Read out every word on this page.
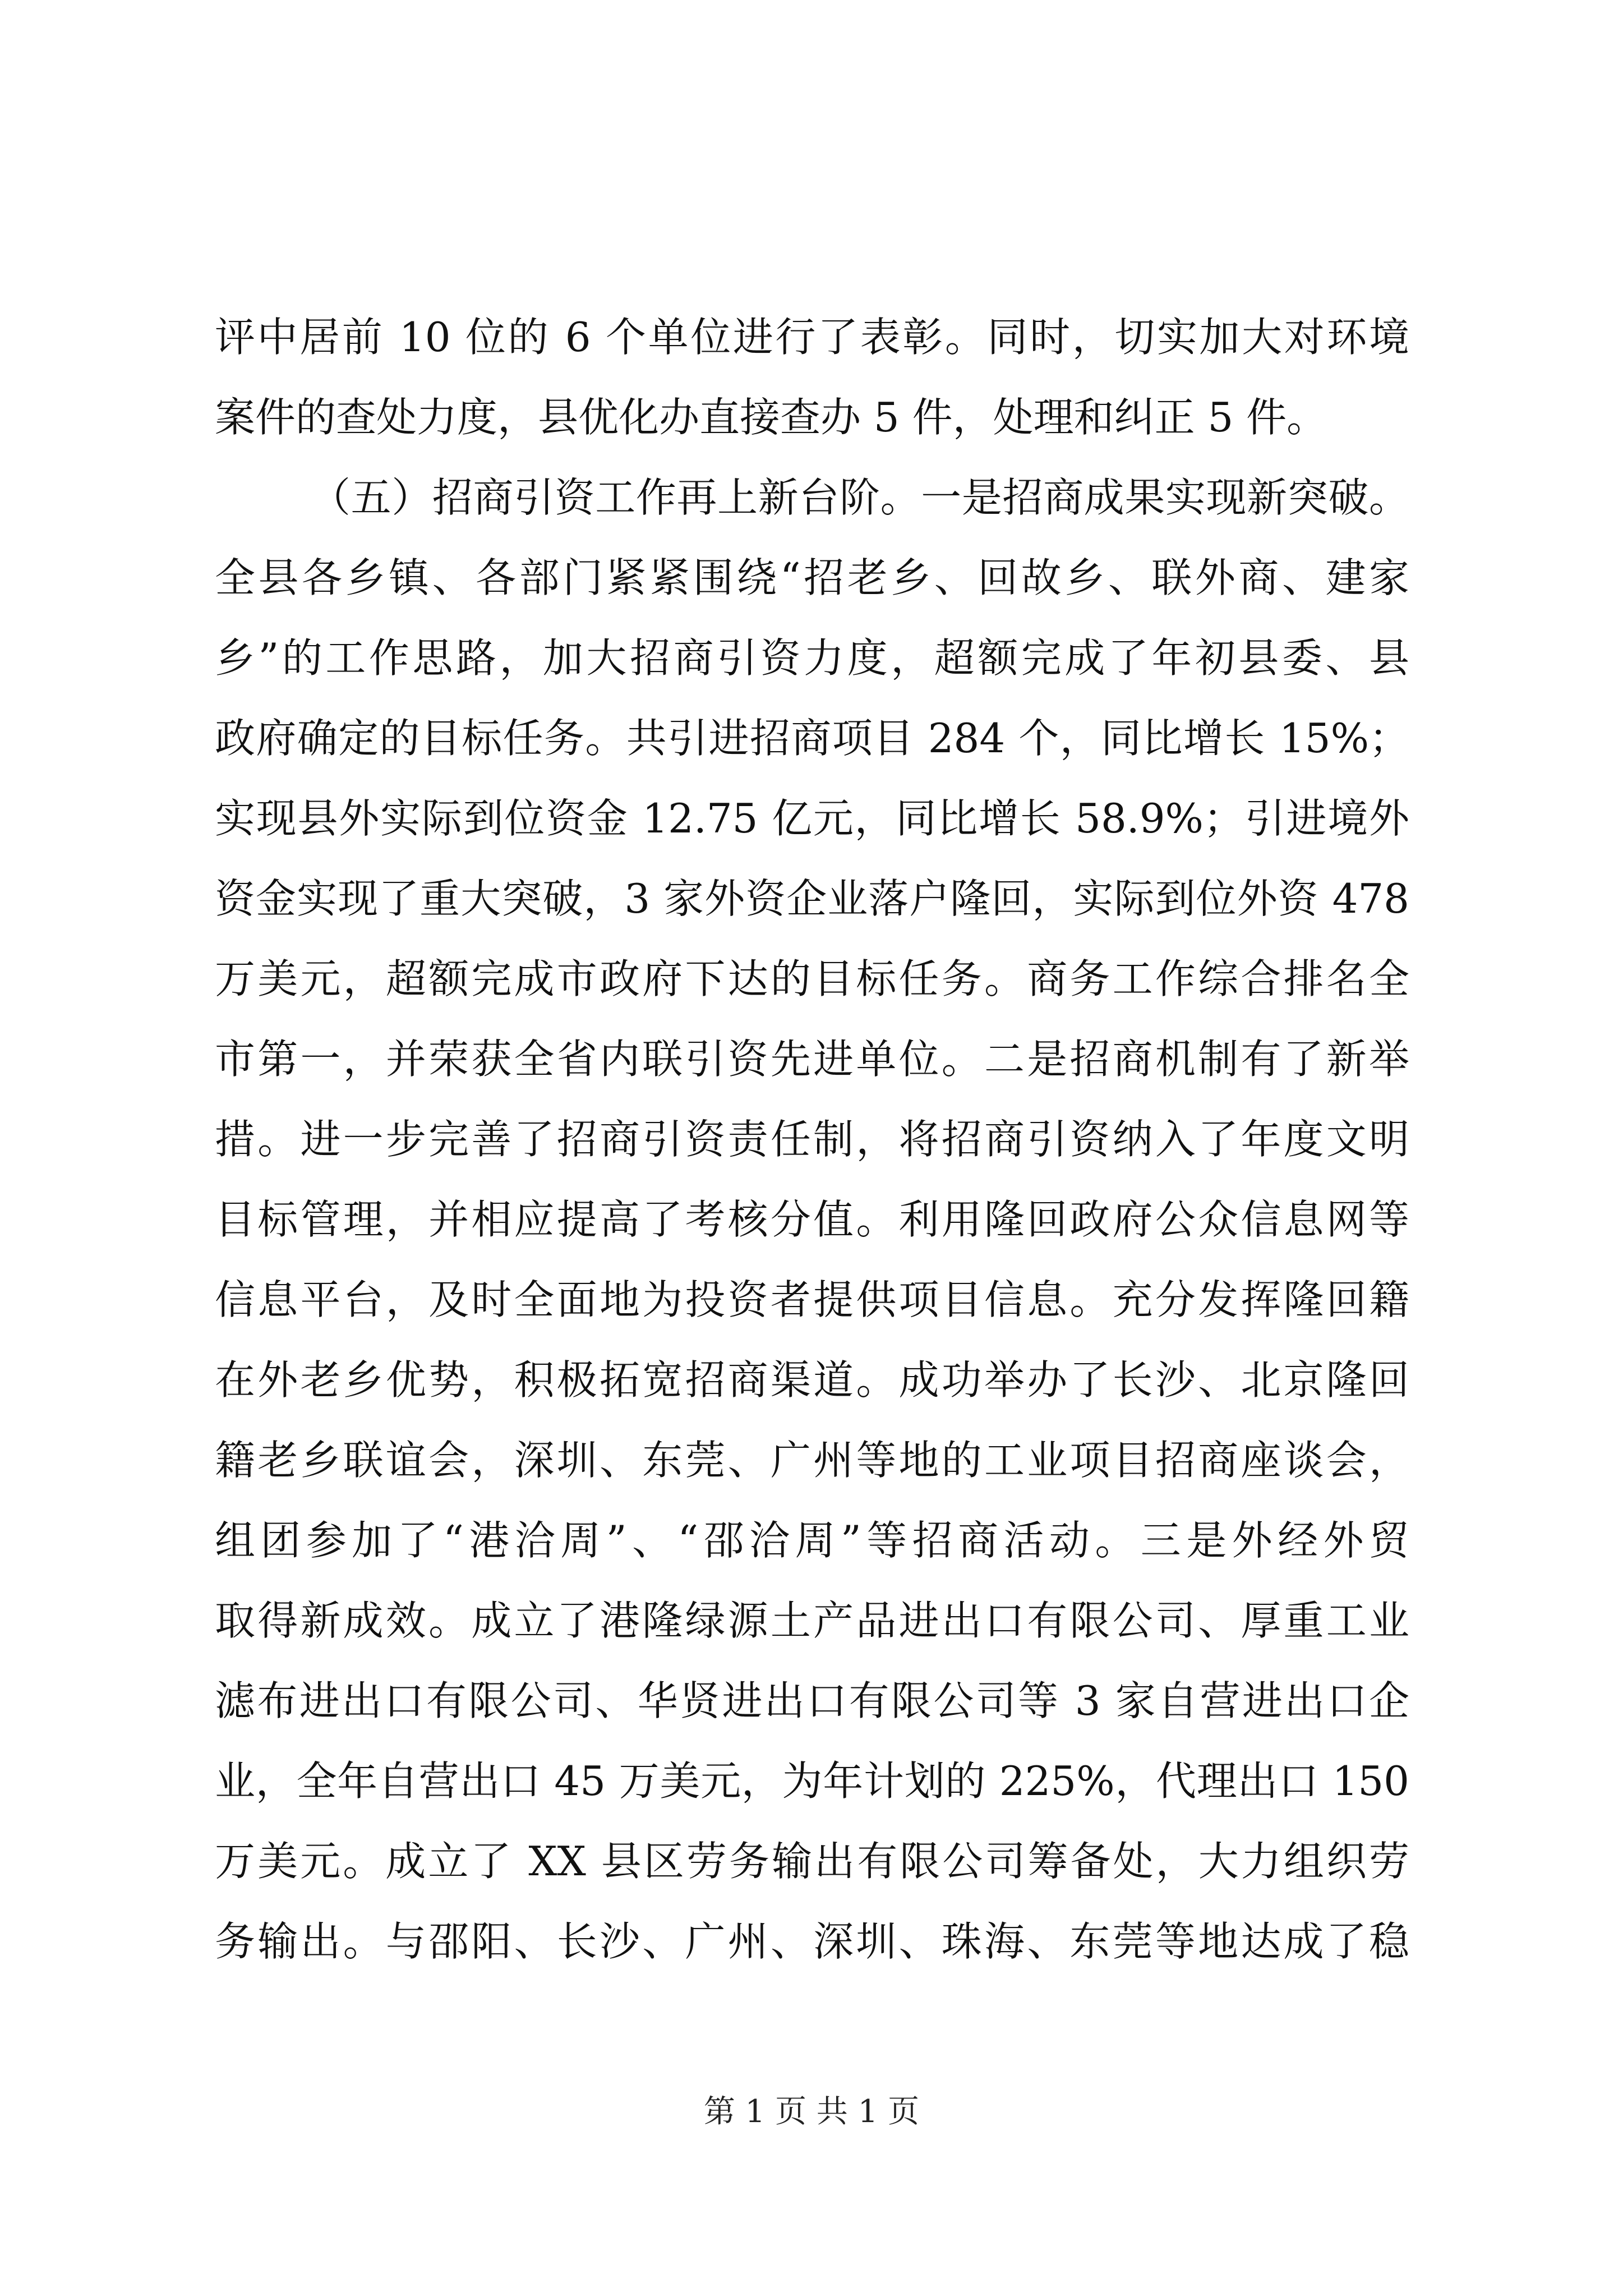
评中居前 10 位的 6 个单位进行了表彰。同时，切实加大对环境
案件的查处力度，县优化办直接查办 5 件，处理和纠正 5 件。
（五）招商引资工作再上新台阶。一是招商成果实现新突破。
全县各乡镇、各部门紧紧围绕“招老乡、回故乡、联外商、建家
乡”的工作思路，加大招商引资力度，超额完成了年初县委、县
政府确定的目标任务。共引进招商项目 284 个，同比增长 15%；
实现县外实际到位资金 12.75 亿元，同比增长 58.9%；引进境外
资金实现了重大突破，3 家外资企业落户隆回，实际到位外资 478
万美元，超额完成市政府下达的目标任务。商务工作综合排名全
市第一，并荣获全省内联引资先进单位。二是招商机制有了新举
措。进一步完善了招商引资责任制，将招商引资纳入了年度文明
目标管理，并相应提高了考核分值。利用隆回政府公众信息网等
信息平台，及时全面地为投资者提供项目信息。充分发挥隆回籍
在外老乡优势，积极拓宽招商渠道。成功举办了长沙、北京隆回
籍老乡联谊会，深圳、东莞、广州等地的工业项目招商座谈会，
组团参加了“港洽周”、“邵洽周”等招商活动。三是外经外贸
取得新成效。成立了港隆绿源土产品进出口有限公司、厚重工业
滤布进出口有限公司、华贤进出口有限公司等 3 家自营进出口企
业，全年自营出口 45 万美元，为年计划的 225%，代理出口 150
万美元。成立了 XX 县区劳务输出有限公司筹备处，大力组织劳
务输出。与邵阳、长沙、广州、深圳、珠海、东莞等地达成了稳
第 1 页 共 1 页
